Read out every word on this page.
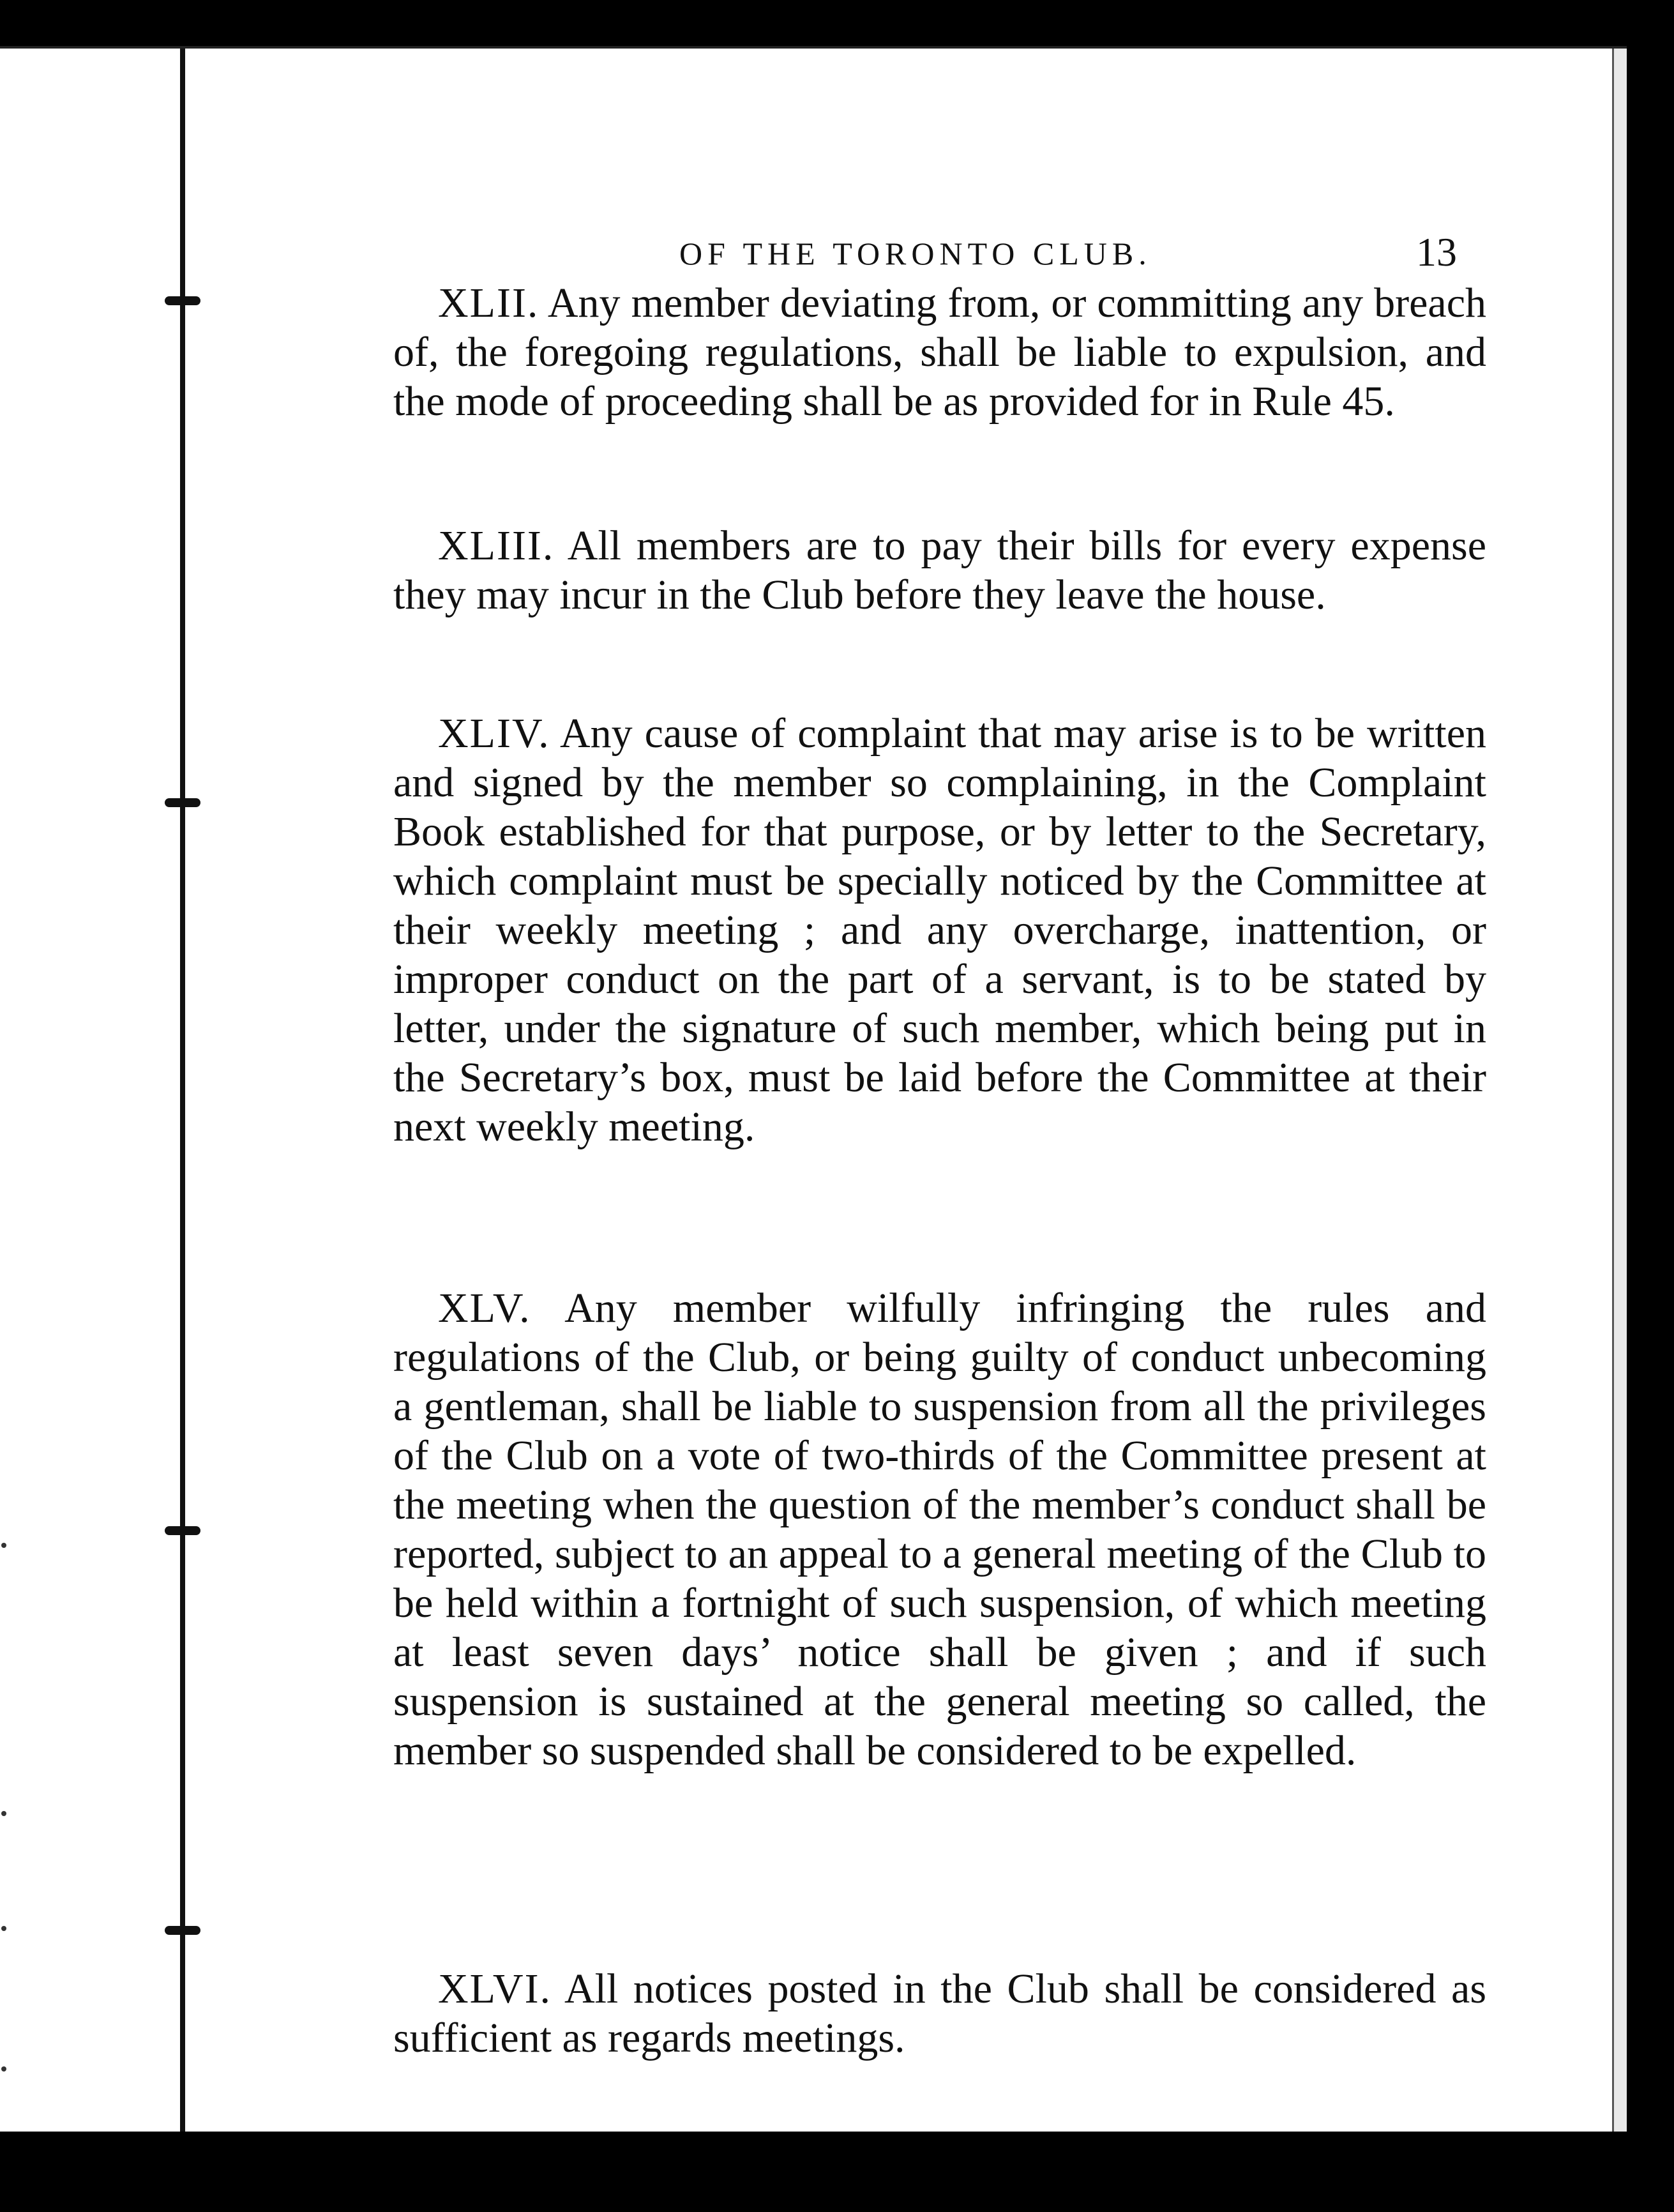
OF THE TORONTO CLUB.	13

XLII. Any member deviating from, or committing any breach of, the foregoing regulations, shall be liable to expulsion, and the mode of proceeding shall be as provided for in Rule 45.

XLIII. All members are to pay their bills for every expense they may incur in the Club before they leave the house.

XLIV. Any cause of complaint that may arise is to be written and signed by the member so complaining, in the Complaint Book established for that purpose, or by letter to the Secretary, which complaint must be specially noticed by the Committee at their weekly meeting ; and any overcharge, inattention, or improper conduct on the part of a servant, is to be stated by letter, under the signature of such member, which being put in the Secretary’s box, must be laid before the Committee at their next weekly meeting.

XLV. Any member wilfully infringing the rules and regulations of the Club, or being guilty of conduct unbecoming a gentleman, shall be liable to suspension from all the privileges of the Club on a vote of two-thirds of the Committee present at the meeting when the question of the member’s conduct shall be reported, subject to an appeal to a general meeting of the Club to be held within a fortnight of such suspension, of which meeting at least seven days’ notice shall be given ; and if such suspension is sustained at the general meeting so called, the member so suspended shall be considered to be expelled.

XLVI. All notices posted in the Club shall be considered as sufficient as regards meetings.
